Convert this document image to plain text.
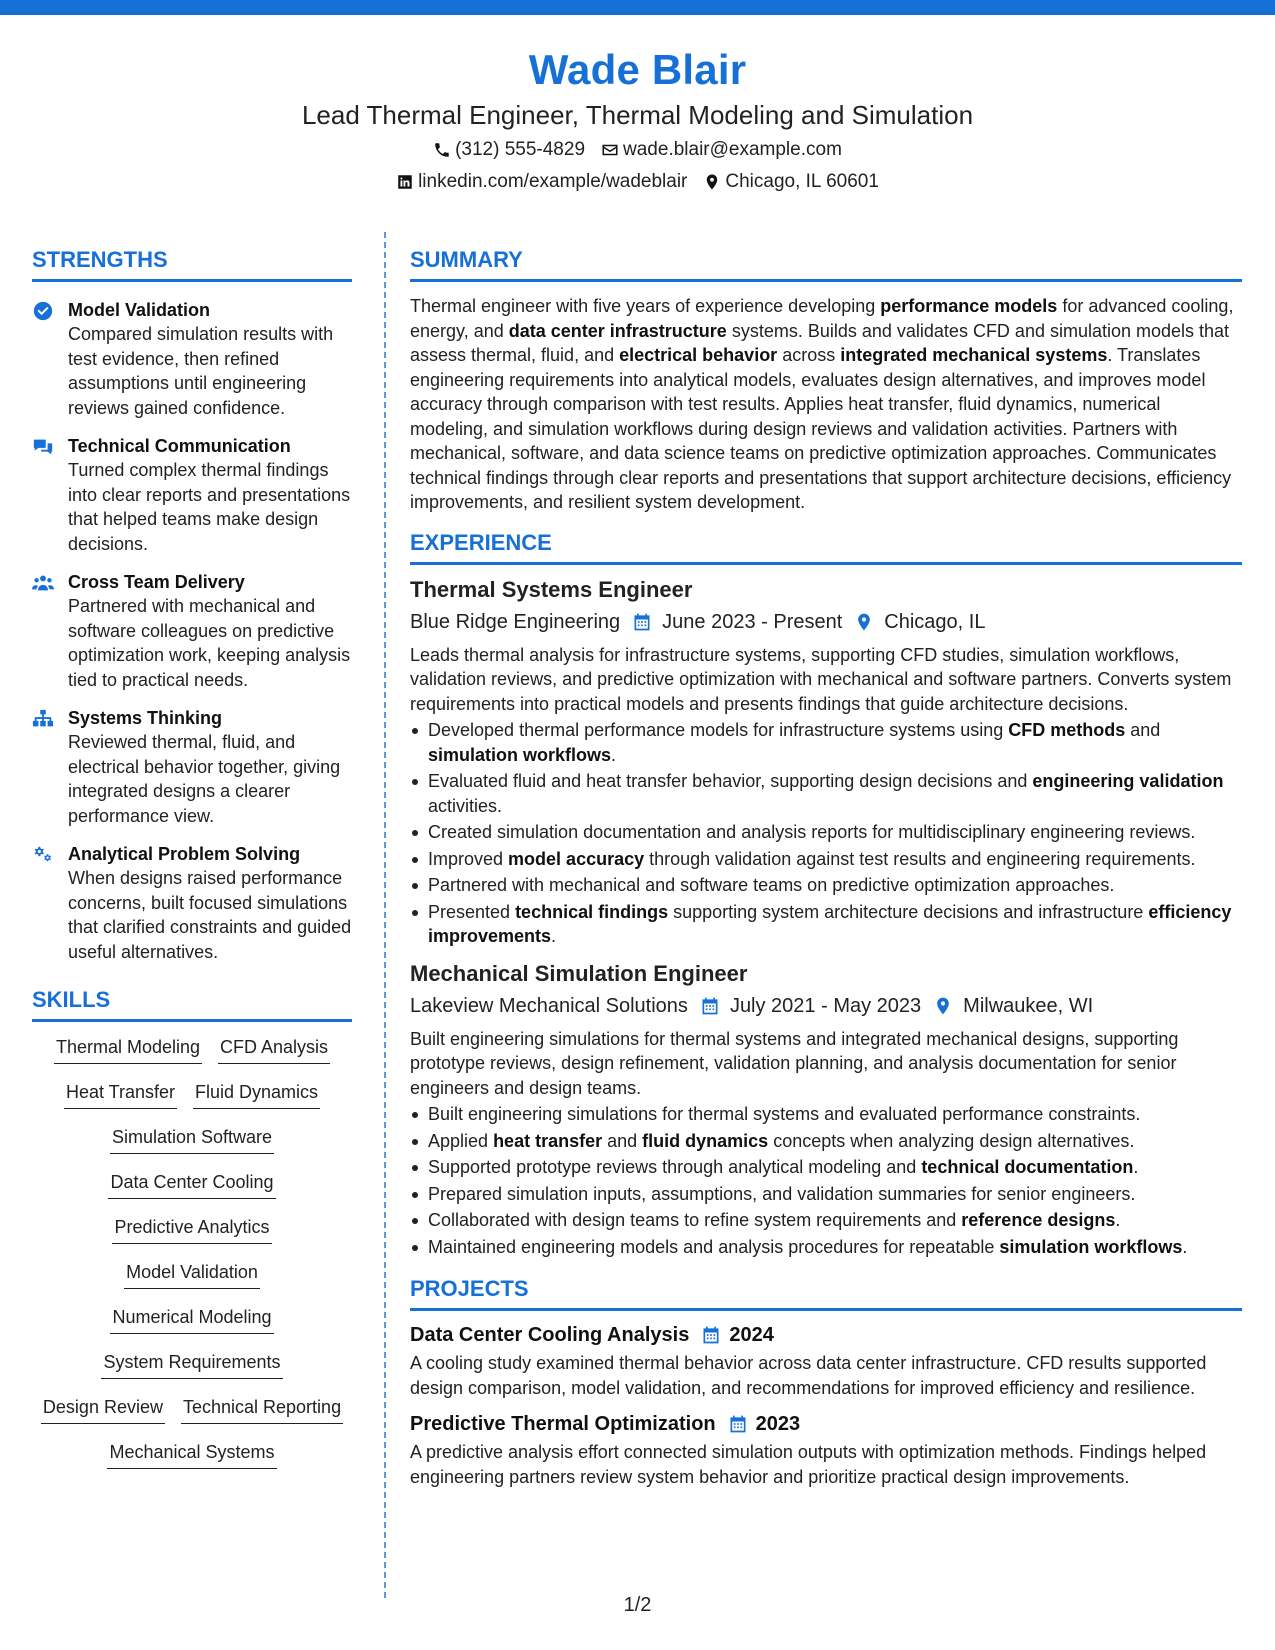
Wade Blair
Lead Thermal Engineer, Thermal Modeling and Simulation
(312) 555-4829 wade.blair@example.com
linkedin.com/example/wadeblair Chicago, IL 60601
STRENGTHS
Model Validation
Compared simulation results with test evidence, then refined assumptions until engineering reviews gained confidence.
Technical Communication
Turned complex thermal findings into clear reports and presentations that helped teams make design decisions.
Cross Team Delivery
Partnered with mechanical and software colleagues on predictive optimization work, keeping analysis tied to practical needs.
Systems Thinking
Reviewed thermal, fluid, and electrical behavior together, giving integrated designs a clearer performance view.
Analytical Problem Solving
When designs raised performance concerns, built focused simulations that clarified constraints and guided useful alternatives.
SKILLS
Thermal Modeling CFD Analysis
Heat Transfer Fluid Dynamics
Simulation Software
Data Center Cooling
Predictive Analytics
Model Validation
Numerical Modeling
System Requirements
Design Review Technical Reporting
Mechanical Systems
SUMMARY

Thermal engineer with five years of experience developing performance models for advanced cooling, energy, and data center infrastructure systems. Builds and validates CFD and simulation models that assess thermal, fluid, and electrical behavior across integrated mechanical systems. Translates engineering requirements into analytical models, evaluates design alternatives, and improves model accuracy through comparison with test results. Applies heat transfer, fluid dynamics, numerical modeling, and simulation workflows during design reviews and validation activities. Partners with mechanical, software, and data science teams on predictive optimization approaches. Communicates technical findings through clear reports and presentations that support architecture decisions, efficiency improvements, and resilient system development.

EXPERIENCE
Thermal Systems Engineer
Blue Ridge Engineering June 2023 - Present Chicago, IL

Leads thermal analysis for infrastructure systems, supporting CFD studies, simulation workflows, validation reviews, and predictive optimization with mechanical and software partners. Converts system requirements into practical models and presents findings that guide architecture decisions.

Developed thermal performance models for infrastructure systems using CFD methods and simulation workflows.
Evaluated fluid and heat transfer behavior, supporting design decisions and engineering validation activities.
Created simulation documentation and analysis reports for multidisciplinary engineering reviews.
Improved model accuracy through validation against test results and engineering requirements.
Partnered with mechanical and software teams on predictive optimization approaches.
Presented technical findings supporting system architecture decisions and infrastructure efficiency improvements.
Mechanical Simulation Engineer
Lakeview Mechanical Solutions July 2021 - May 2023 Milwaukee, WI

Built engineering simulations for thermal systems and integrated mechanical designs, supporting prototype reviews, design refinement, validation planning, and analysis documentation for senior engineers and design teams.

Built engineering simulations for thermal systems and evaluated performance constraints.
Applied heat transfer and fluid dynamics concepts when analyzing design alternatives.
Supported prototype reviews through analytical modeling and technical documentation.
Prepared simulation inputs, assumptions, and validation summaries for senior engineers.
Collaborated with design teams to refine system requirements and reference designs.
Maintained engineering models and analysis procedures for repeatable simulation workflows.
PROJECTS
Data Center Cooling Analysis 2024

A cooling study examined thermal behavior across data center infrastructure. CFD results supported design comparison, model validation, and recommendations for improved efficiency and resilience.

Predictive Thermal Optimization 2023

A predictive analysis effort connected simulation outputs with optimization methods. Findings helped engineering partners review system behavior and prioritize practical design improvements.

1/2
